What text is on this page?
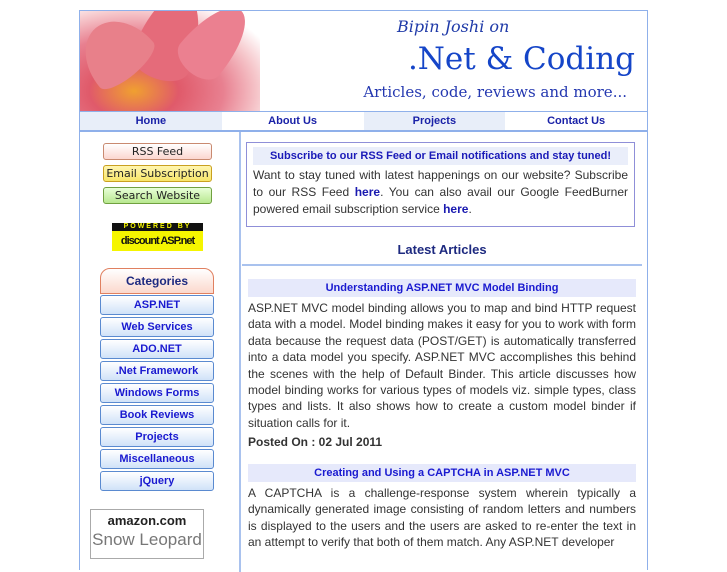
Bipin Joshi on
.Net & Coding
Articles, code, reviews and more...
Home	About Us	Projects	Contact Us
RSS Feed
Email Subscription
Search Website
POWERED BY
discount ASP.net
Categories
ASP.NET
Web Services
ADO.NET
.Net Framework
Windows Forms
Book Reviews
Projects
Miscellaneous
jQuery
amazon.com
Snow Leopard
Subscribe to our RSS Feed or Email notifications and stay tuned!

Want to stay tuned with latest happenings on our website? Subscribe to our RSS Feed here. You can also avail our Google FeedBurner powered email subscription service here.

Latest Articles
Understanding ASP.NET MVC Model Binding

ASP.NET MVC model binding allows you to map and bind HTTP request data with a model. Model binding makes it easy for you to work with form data because the request data (POST/GET) is automatically transferred into a data model you specify. ASP.NET MVC accomplishes this behind the scenes with the help of Default Binder. This article discusses how model binding works for various types of models viz. simple types, class types and lists. It also shows how to create a custom model binder if situation calls for it.

Posted On : 02 Jul 2011
Creating and Using a CAPTCHA in ASP.NET MVC

A CAPTCHA is a challenge-response system wherein typically a dynamically generated image consisting of random letters and numbers is displayed to the users and the users are asked to re-enter the text in an attempt to verify that both of them match. Any ASP.NET developer
